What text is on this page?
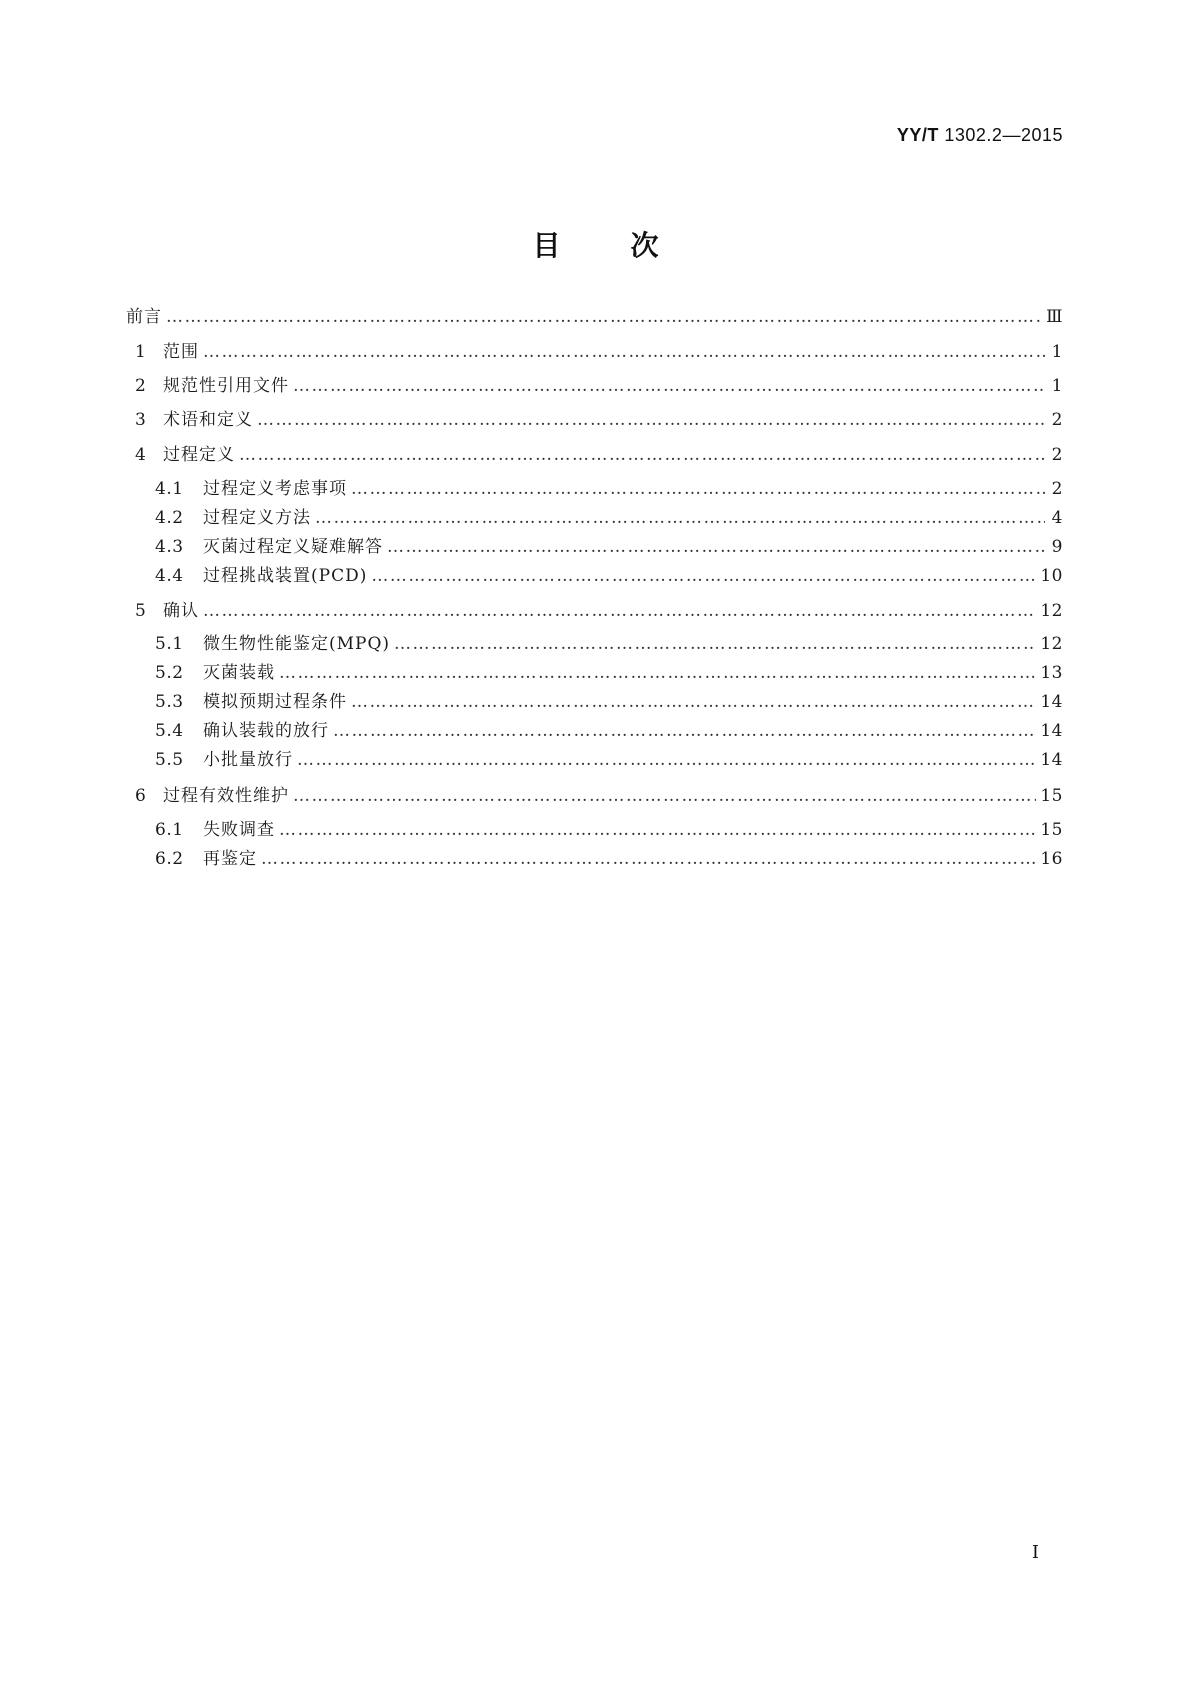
YY/T 1302.2—2015
目	次
前言 …………………………………………………………………………………………………………………………………………………………………………………………………………	Ⅲ
1 范围 …………………………………………………………………………………………………………………………………………………………………………………………………………	1
2 规范性引用文件 …………………………………………………………………………………………………………………………………………………………………………………………………………	1
3 术语和定义 …………………………………………………………………………………………………………………………………………………………………………………………………………	2
4 过程定义 …………………………………………………………………………………………………………………………………………………………………………………………………………	2
4.1	过程定义考虑事项 …………………………………………………………………………………………………………………………………………………………………………………………………………	2
4.2	过程定义方法 …………………………………………………………………………………………………………………………………………………………………………………………………………	4
4.3	灭菌过程定义疑难解答 …………………………………………………………………………………………………………………………………………………………………………………………………………	9
4.4	过程挑战装置(PCD) …………………………………………………………………………………………………………………………………………………………………………………………………………	10
5 确认 …………………………………………………………………………………………………………………………………………………………………………………………………………	12
5.1	微生物性能鉴定(MPQ) …………………………………………………………………………………………………………………………………………………………………………………………………………	12
5.2	灭菌装载 …………………………………………………………………………………………………………………………………………………………………………………………………………	13
5.3	模拟预期过程条件 …………………………………………………………………………………………………………………………………………………………………………………………………………	14
5.4	确认装载的放行 …………………………………………………………………………………………………………………………………………………………………………………………………………	14
5.5	小批量放行 …………………………………………………………………………………………………………………………………………………………………………………………………………	14
6 过程有效性维护 …………………………………………………………………………………………………………………………………………………………………………………………………………	15
6.1	失败调查 …………………………………………………………………………………………………………………………………………………………………………………………………………	15
6.2	再鉴定 …………………………………………………………………………………………………………………………………………………………………………………………………………	16
I
